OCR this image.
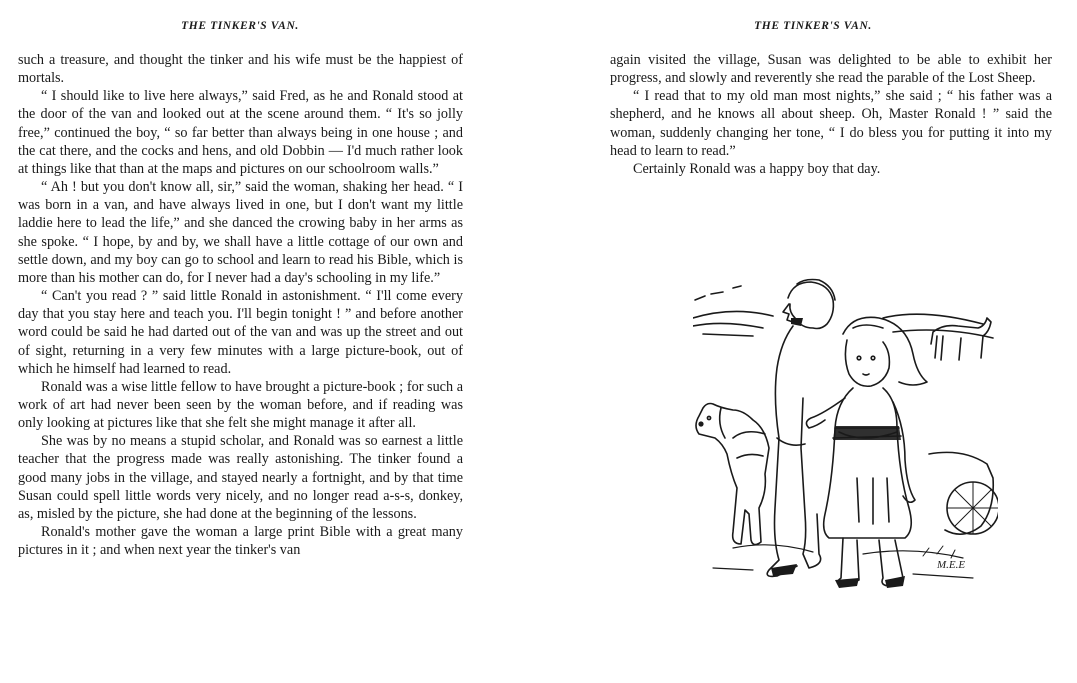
THE TINKER'S VAN.

such a treasure, and thought the tinker and his wife must be the happiest of mortals.

“ I should like to live here always,” said Fred, as he and Ronald stood at the door of the van and looked out at the scene around them. “ It's so jolly free,” continued the boy, “ so far better than always being in one house ; and the cat there, and the cocks and hens, and old Dobbin — I'd much rather look at things like that than at the maps and pictures on our schoolroom walls.”

“ Ah ! but you don't know all, sir,” said the woman, shaking her head. “ I was born in a van, and have always lived in one, but I don't want my little laddie here to lead the life,” and she danced the crowing baby in her arms as she spoke. “ I hope, by and by, we shall have a little cottage of our own and settle down, and my boy can go to school and learn to read his Bible, which is more than his mother can do, for I never had a day's schooling in my life.”

“ Can't you read ? ” said little Ronald in astonishment. “ I'll come every day that you stay here and teach you. I'll begin tonight ! ” and before another word could be said he had darted out of the van and was up the street and out of sight, returning in a very few minutes with a large picture-book, out of which he himself had learned to read.

Ronald was a wise little fellow to have brought a picture-book ; for such a work of art had never been seen by the woman before, and if reading was only looking at pictures like that she felt she might manage it after all.

She was by no means a stupid scholar, and Ronald was so earnest a little teacher that the progress made was really astonishing. The tinker found a good many jobs in the village, and stayed nearly a fortnight, and by that time Susan could spell little words very nicely, and no longer read a-s-s, donkey, as, misled by the picture, she had done at the beginning of the lessons.

Ronald's mother gave the woman a large print Bible with a great many pictures in it ; and when next year the tinker's van

THE TINKER'S VAN.

again visited the village, Susan was delighted to be able to exhibit her progress, and slowly and reverently she read the parable of the Lost Sheep.

“ I read that to my old man most nights,” she said ; “ his father was a shepherd, and he knows all about sheep. Oh, Master Ronald ! ” said the woman, suddenly changing her tone, “ I do bless you for putting it into my head to learn to read.”

Certainly Ronald was a happy boy that day.

M.E.E
